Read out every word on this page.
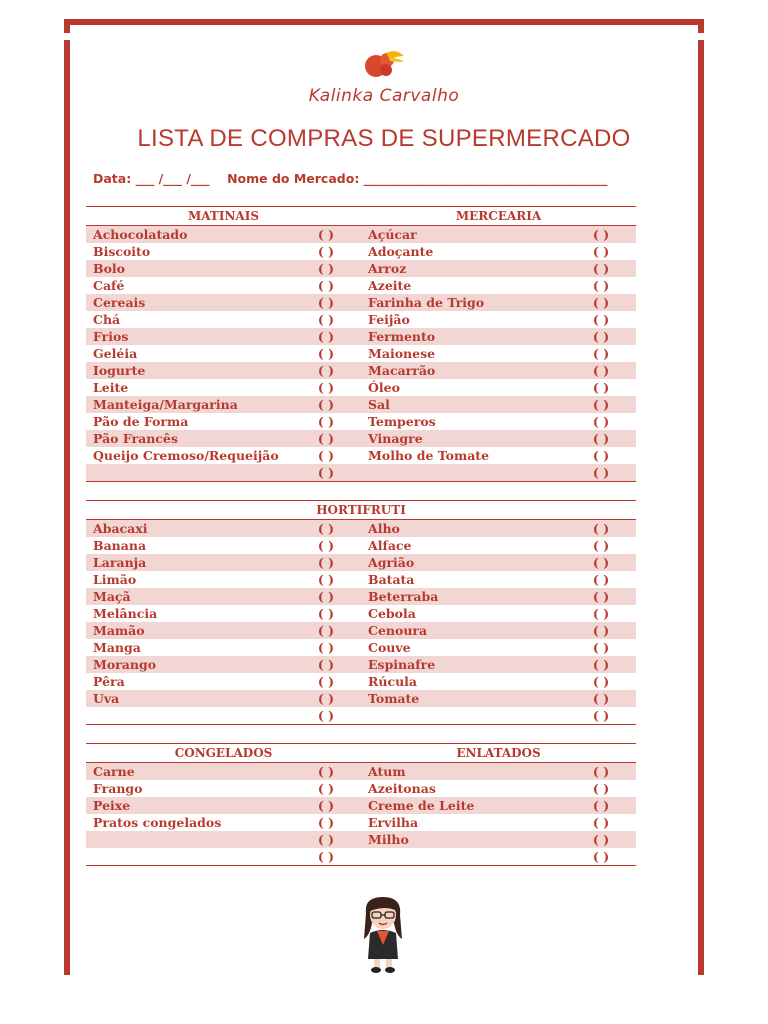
Kalinka Carvalho
LISTA DE COMPRAS DE SUPERMERCADO
Data: ___ /___ /___    Nome do Mercado: _______________________________________
MATINAIS		MERCEARIA	
Achocolatado	( )	Açúcar	( )
Biscoito	( )	Adoçante	( )
Bolo	( )	Arroz	( )
Café	( )	Azeite	( )
Cereais	( )	Farinha de Trigo	( )
Chá	( )	Feijão	( )
Frios	( )	Fermento	( )
Geléia	( )	Maionese	( )
Iogurte	( )	Macarrão	( )
Leite	( )	Óleo	( )
Manteiga/Margarina	( )	Sal	( )
Pão de Forma	( )	Temperos	( )
Pão Francês	( )	Vinagre	( )
Queijo Cremoso/Requeijão	( )	Molho de Tomate	( )
	( )		( )
HORTIFRUTI			
Abacaxi	( )	Alho	( )
Banana	( )	Alface	( )
Laranja	( )	Agrião	( )
Limão	( )	Batata	( )
Maçã	( )	Beterraba	( )
Melância	( )	Cebola	( )
Mamão	( )	Cenoura	( )
Manga	( )	Couve	( )
Morango	( )	Espinafre	( )
Pêra	( )	Rúcula	( )
Uva	( )	Tomate	( )
	( )		( )
CONGELADOS		ENLATADOS	
Carne	( )	Atum	( )
Frango	( )	Azeitonas	( )
Peixe	( )	Creme de Leite	( )
Pratos congelados	( )	Ervilha	( )
	( )	Milho	( )
	( )		( )
